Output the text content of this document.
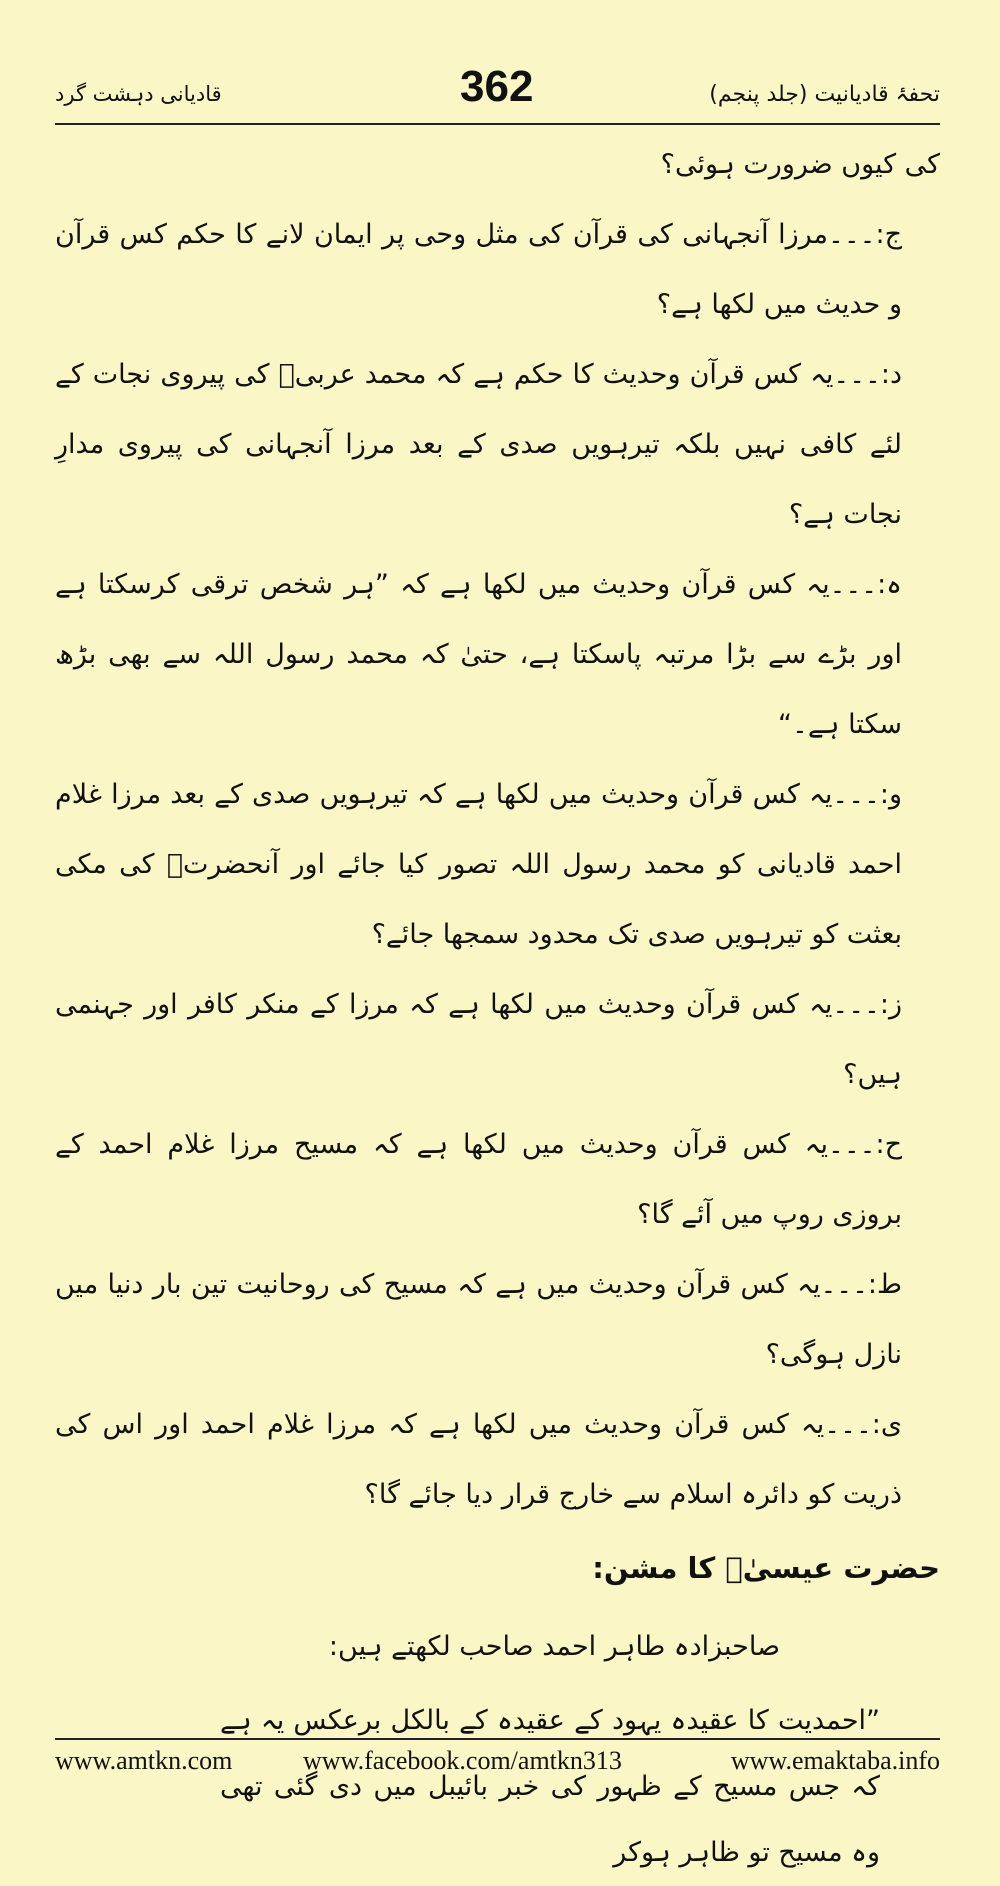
قادیانی دہشت گرد	362	تحفۂ قادیانیت (جلد پنجم)

کی کیوں ضرورت ہوئی؟

ج:۔۔۔مرزا آنجہانی کی قرآن کی مثل وحی پر ایمان لانے کا حکم کس قرآن و حدیث میں لکھا ہے؟

د:۔۔۔یہ کس قرآن وحدیث کا حکم ہے کہ محمد عربیؐ کی پیروی نجات کے لئے کافی نہیں بلکہ تیرہویں صدی کے بعد مرزا آنجہانی کی پیروی مدارِ نجات ہے؟

ہ:۔۔۔یہ کس قرآن وحدیث میں لکھا ہے کہ ”ہر شخص ترقی کرسکتا ہے اور بڑے سے بڑا مرتبہ پاسکتا ہے، حتیٰ کہ محمد رسول اللہ سے بھی بڑھ سکتا ہے۔“

و:۔۔۔یہ کس قرآن وحدیث میں لکھا ہے کہ تیرہویں صدی کے بعد مرزا غلام احمد قادیانی کو محمد رسول اللہ تصور کیا جائے اور آنحضرتؐ کی مکی بعثت کو تیرہویں صدی تک محدود سمجھا جائے؟

ز:۔۔۔یہ کس قرآن وحدیث میں لکھا ہے کہ مرزا کے منکر کافر اور جہنمی ہیں؟

ح:۔۔۔یہ کس قرآن وحدیث میں لکھا ہے کہ مسیح مرزا غلام احمد کے بروزی روپ میں آئے گا؟

ط:۔۔۔یہ کس قرآن وحدیث میں ہے کہ مسیح کی روحانیت تین بار دنیا میں نازل ہوگی؟

ی:۔۔۔یہ کس قرآن وحدیث میں لکھا ہے کہ مرزا غلام احمد اور اس کی ذریت کو دائرہ اسلام سے خارج قرار دیا جائے گا؟

حضرت عیسیٰؑ کا مشن:

صاحبزادہ طاہر احمد صاحب لکھتے ہیں:

”احمدیت کا عقیدہ یہود کے عقیدہ کے بالکل برعکس یہ ہے کہ جس مسیح کے ظہور کی خبر بائیبل میں دی گئی تھی وہ مسیح تو ظاہر ہوکر

www.amtkn.com	www.facebook.com/amtkn313	www.emaktaba.info
